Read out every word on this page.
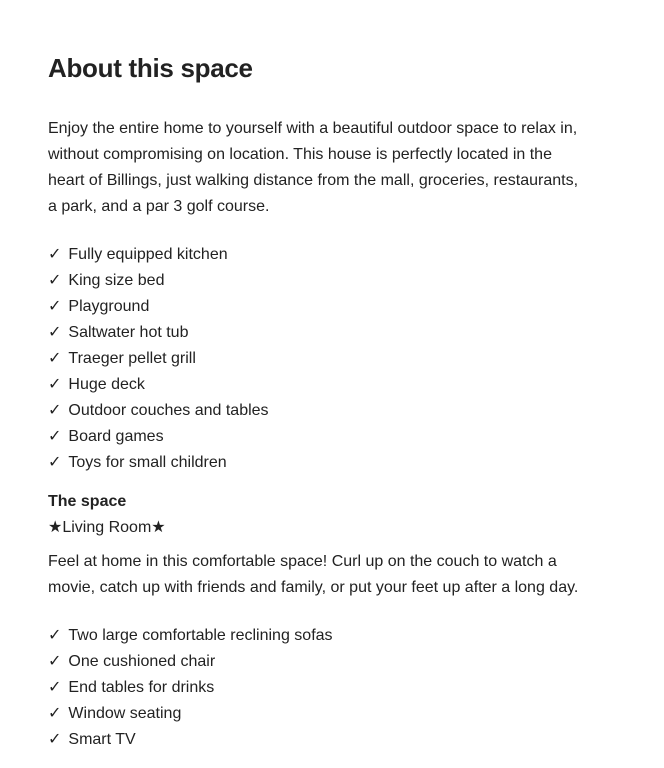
About this space
Enjoy the entire home to yourself with a beautiful outdoor space to relax in,
without compromising on location. This house is perfectly located in the
heart of Billings, just walking distance from the mall, groceries, restaurants,
a park, and a par 3 golf course.
✓ Fully equipped kitchen
✓ King size bed
✓ Playground
✓ Saltwater hot tub
✓ Traeger pellet grill
✓ Huge deck
✓ Outdoor couches and tables
✓ Board games
✓ Toys for small children
The space
★Living Room★
Feel at home in this comfortable space! Curl up on the couch to watch a
movie, catch up with friends and family, or put your feet up after a long day.
✓ Two large comfortable reclining sofas
✓ One cushioned chair
✓ End tables for drinks
✓ Window seating
✓ Smart TV
